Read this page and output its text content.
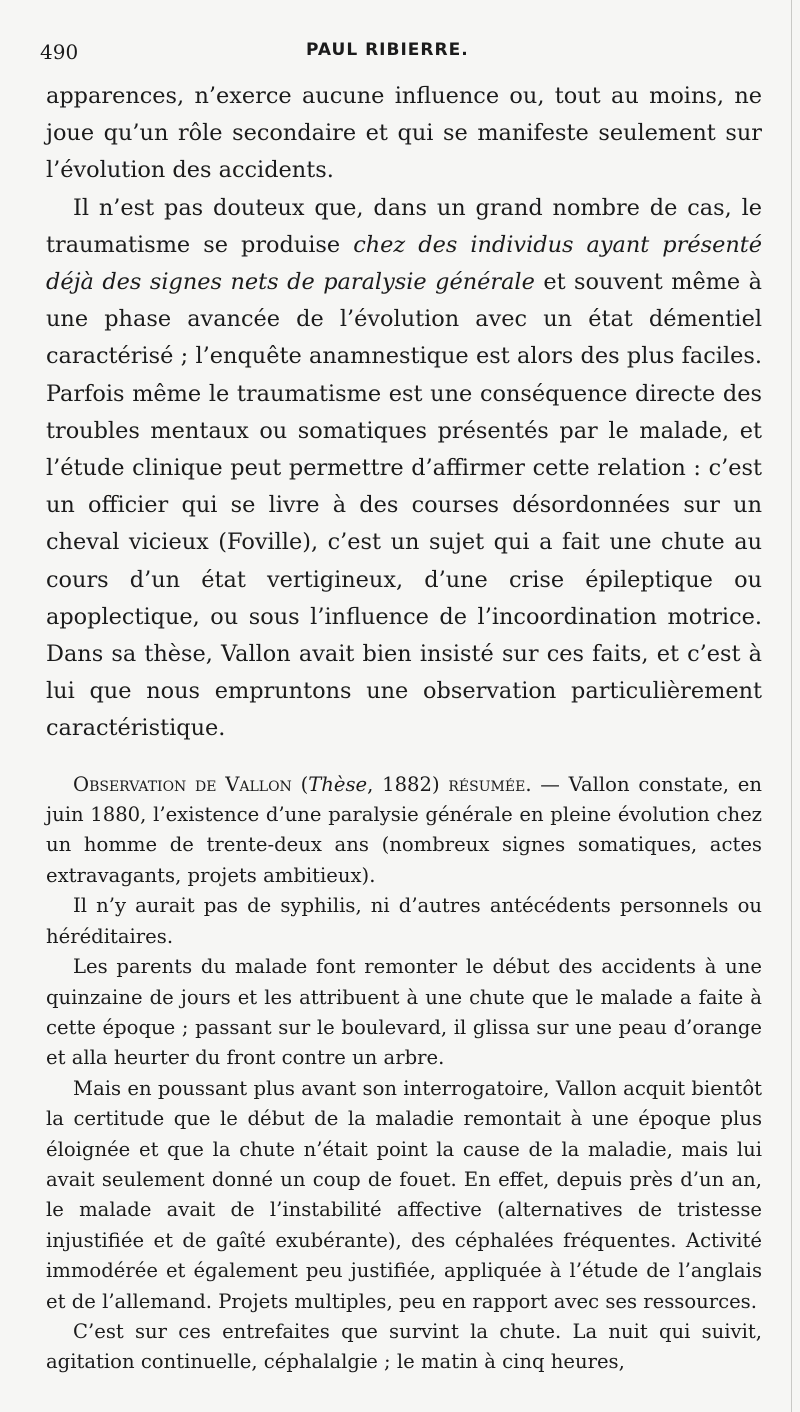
490	PAUL RIBIERRE.

apparences, n’exerce aucune influence ou, tout au moins, ne joue qu’un rôle secondaire et qui se manifeste seulement sur l’évolution des accidents.

Il n’est pas douteux que, dans un grand nombre de cas, le traumatisme se produise chez des individus ayant présenté déjà des signes nets de paralysie générale et souvent même à une phase avancée de l’évolution avec un état démentiel caractérisé ; l’enquête anamnestique est alors des plus faciles. Parfois même le traumatisme est une conséquence directe des troubles mentaux ou somatiques présentés par le malade, et l’étude clinique peut permettre d’affirmer cette relation : c’est un officier qui se livre à des courses désordonnées sur un cheval vicieux (Foville), c’est un sujet qui a fait une chute au cours d’un état vertigineux, d’une crise épileptique ou apoplectique, ou sous l’influence de l’incoordination motrice. Dans sa thèse, Vallon avait bien insisté sur ces faits, et c’est à lui que nous empruntons une observation particulièrement caractéristique.

Observation de Vallon (Thèse, 1882) résumée. — Vallon constate, en juin 1880, l’existence d’une paralysie générale en pleine évolution chez un homme de trente-deux ans (nombreux signes somatiques, actes extravagants, projets ambitieux).

Il n’y aurait pas de syphilis, ni d’autres antécédents personnels ou héréditaires.

Les parents du malade font remonter le début des accidents à une quinzaine de jours et les attribuent à une chute que le malade a faite à cette époque ; passant sur le boulevard, il glissa sur une peau d’orange et alla heurter du front contre un arbre.

Mais en poussant plus avant son interrogatoire, Vallon acquit bientôt la certitude que le début de la maladie remontait à une époque plus éloignée et que la chute n’était point la cause de la maladie, mais lui avait seulement donné un coup de fouet. En effet, depuis près d’un an, le malade avait de l’instabilité affective (alternatives de tristesse injustifiée et de gaîté exubérante), des céphalées fréquentes. Activité immodérée et également peu justifiée, appliquée à l’étude de l’anglais et de l’allemand. Projets multiples, peu en rapport avec ses ressources.

C’est sur ces entrefaites que survint la chute. La nuit qui suivit, agitation continuelle, céphalalgie ; le matin à cinq heures,
